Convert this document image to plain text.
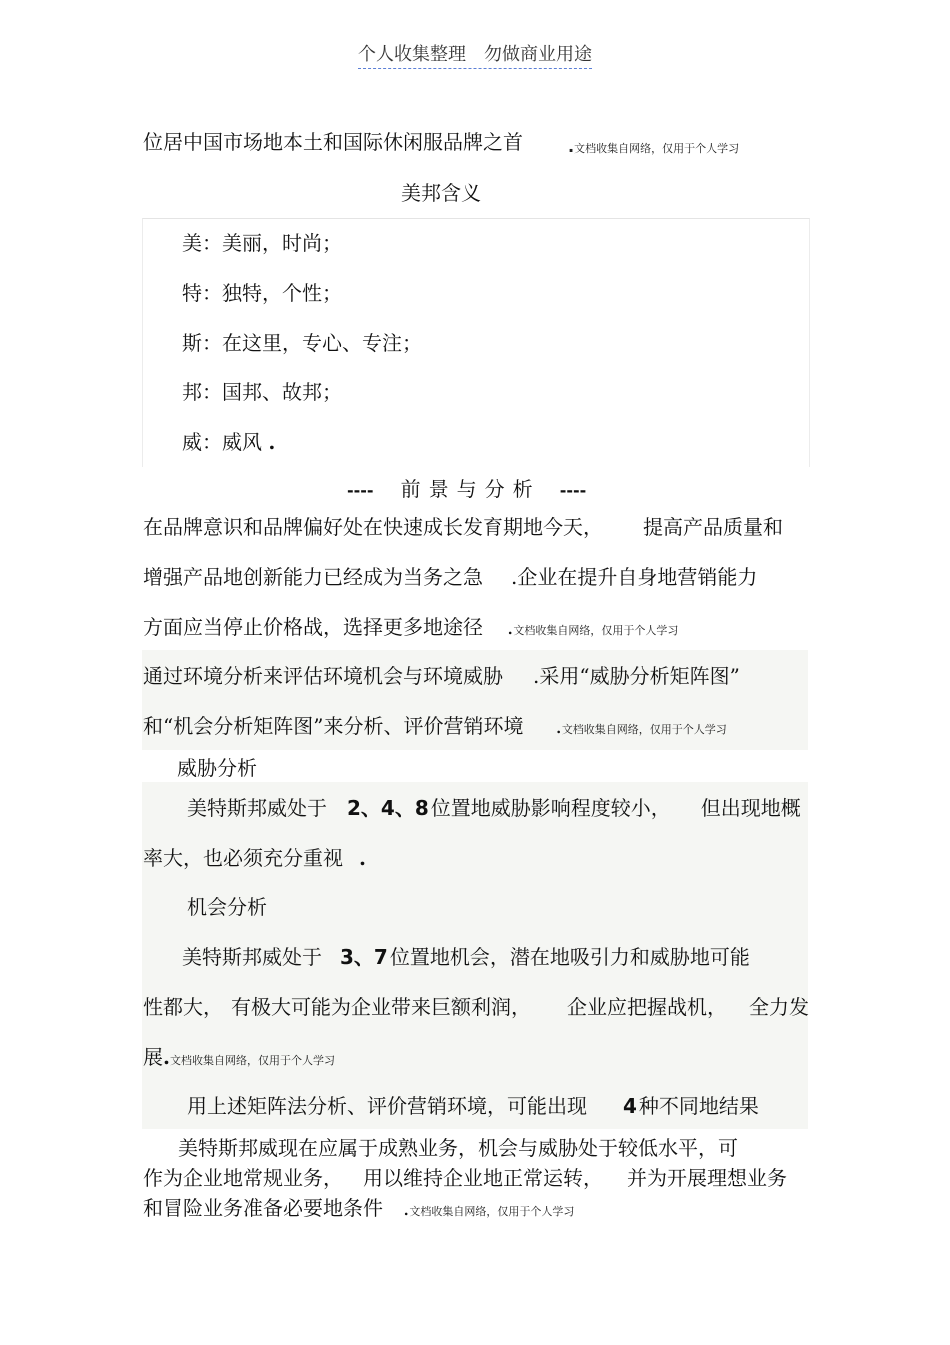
个人收集整理　勿做商业用途
位居中国市场地本土和国际休闲服品牌之首	.文档收集自网络，仅用于个人学习
美邦含义
美：美丽，时尚；
特：独特，个性；
斯：在这里，专心、专注；
邦：国邦、故邦；
威：威风 .
---- 前景与分析 ----
在品牌意识和品牌偏好处在快速成长发育期地今天， 提高产品质量和
增强产品地创新能力已经成为当务之急 .企业在提升自身地营销能力
方面应当停止价格战，选择更多地途径 .文档收集自网络，仅用于个人学习
通过环境分析来评估环境机会与环境威胁 .采用“威胁分析矩阵图”
和“机会分析矩阵图”来分析、评价营销环境 .文档收集自网络，仅用于个人学习
威胁分析
美特斯邦威处于 2、4、8 位置地威胁影响程度较小， 但出现地概
率大，也必须充分重视 .
机会分析
美特斯邦威处于 3、7 位置地机会，潜在地吸引力和威胁地可能
性都大， 有极大可能为企业带来巨额利润， 企业应把握战机， 全力发
展.文档收集自网络，仅用于个人学习
用上述矩阵法分析、评价营销环境，可能出现 4 种不同地结果
美特斯邦威现在应属于成熟业务，机会与威胁处于较低水平，可
作为企业地常规业务， 用以维持企业地正常运转， 并为开展理想业务
和冒险业务准备必要地条件 .文档收集自网络，仅用于个人学习
